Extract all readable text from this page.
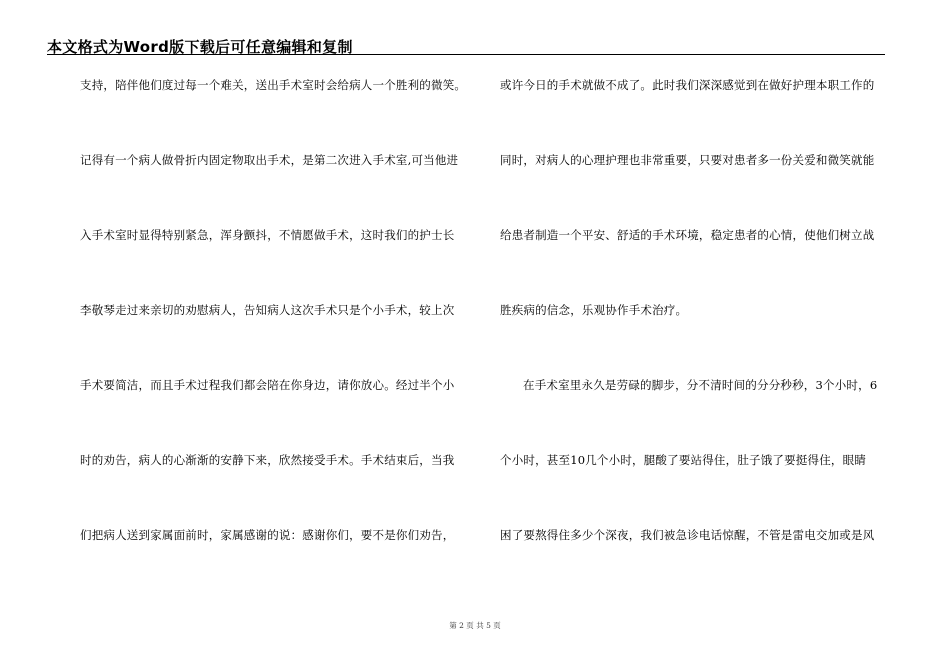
本文格式为Word版下载后可任意编辑和复制
支持，陪伴他们度过每一个难关，送出手术室时会给病人一个胜利的微笑。
记得有一个病人做骨折内固定物取出手术，是第二次进入手术室,可当他进
入手术室时显得特别紧急，浑身颤抖，不情愿做手术，这时我们的护士长
李敬琴走过来亲切的劝慰病人，告知病人这次手术只是个小手术，较上次
手术要简洁，而且手术过程我们都会陪在你身边，请你放心。经过半个小
时的劝告，病人的心渐渐的安静下来，欣然接受手术。手术结束后，当我
们把病人送到家属面前时，家属感谢的说：感谢你们，要不是你们劝告，
或许今日的手术就做不成了。此时我们深深感觉到在做好护理本职工作的
同时，对病人的心理护理也非常重要，只要对患者多一份关爱和微笑就能
给患者制造一个平安、舒适的手术环境，稳定患者的心情，使他们树立战
胜疾病的信念，乐观协作手术治疗。
在手术室里永久是劳碌的脚步，分不清时间的分分秒秒，3个小时，6
个小时，甚至10几个小时，腿酸了要站得住，肚子饿了要挺得住，眼睛
困了要熬得住多少个深夜，我们被急诊电话惊醒，不管是雷电交加或是风
第 2 页 共 5 页
